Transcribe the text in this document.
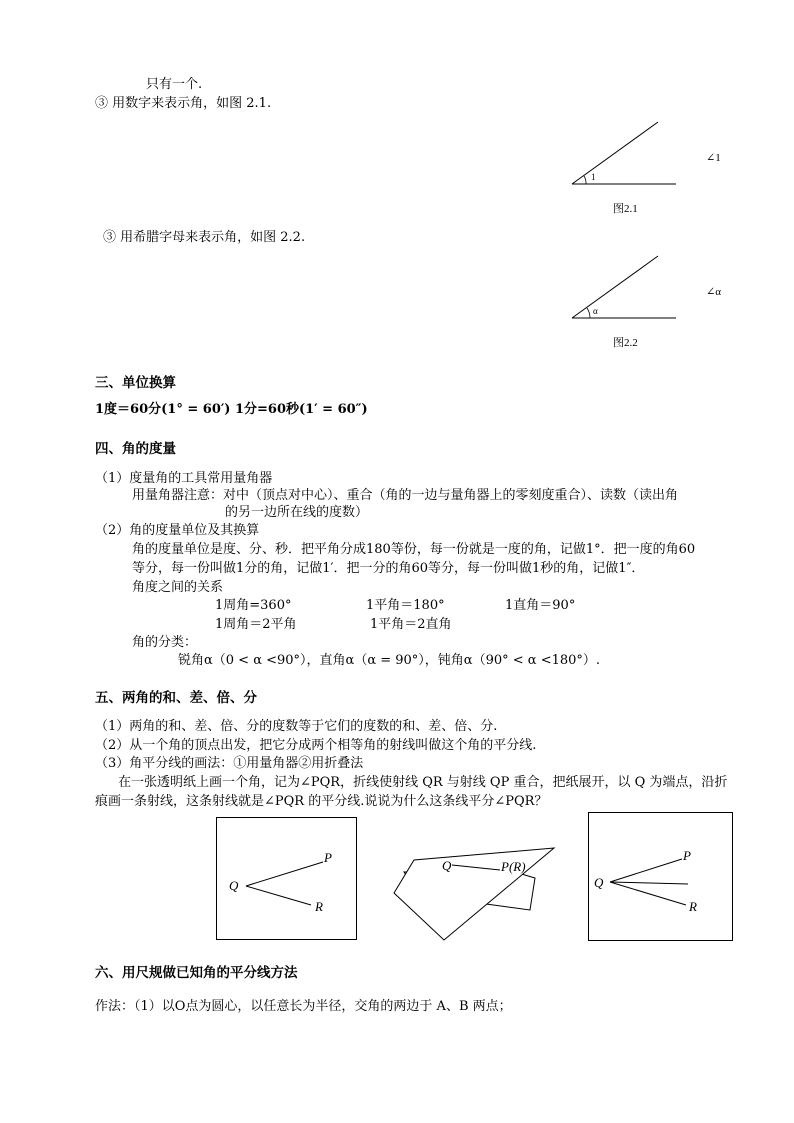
只有一个.
③ 用数字来表示角，如图 2.1.
1
∠1
图2.1
③ 用希腊字母来表示角，如图 2.2.
α
∠α
图2.2
三、单位换算
1度＝60分(1° = 60′) 1分=60秒(1′ = 60″)
四、角的度量
（1）度量角的工具常用量角器
用量角器注意：对中（顶点对中心）、重合（角的一边与量角器上的零刻度重合）、读数（读出角
的另一边所在线的度数）
（2）角的度量单位及其换算
角的度量单位是度、分、秒．把平角分成180等份，每一份就是一度的角，记做1°．把一度的角60
等分，每一份叫做1分的角，记做1′．把一分的角60等分，每一份叫做1秒的角，记做1″．
角度之间的关系
1周角=360°	1平角＝180°	1直角＝90°
1周角＝2平角	1平角＝2直角
角的分类：
锐角α（0 < α <90°），直角α（α = 90°），钝角α（90° < α <180°）.
五、两角的和、差、倍、分
（1）两角的和、差、倍、分的度数等于它们的度数的和、差、倍、分.
（2）从一个角的顶点出发，把它分成两个相等角的射线叫做这个角的平分线.
（3）角平分线的画法：①用量角器②用折叠法
在一张透明纸上画一个角，记为∠PQR，折线使射线 QR 与射线 QP 重合，把纸展开，以 Q 为端点，沿折
痕画一条射线，这条射线就是∠PQR 的平分线.说说为什么这条线平分∠PQR？
Q
P
R
Q	P(R)
Q
P
R
六、用尺规做已知角的平分线方法
作法：（1）以O点为圆心，以任意长为半径，交角的两边于 A、B 两点；
